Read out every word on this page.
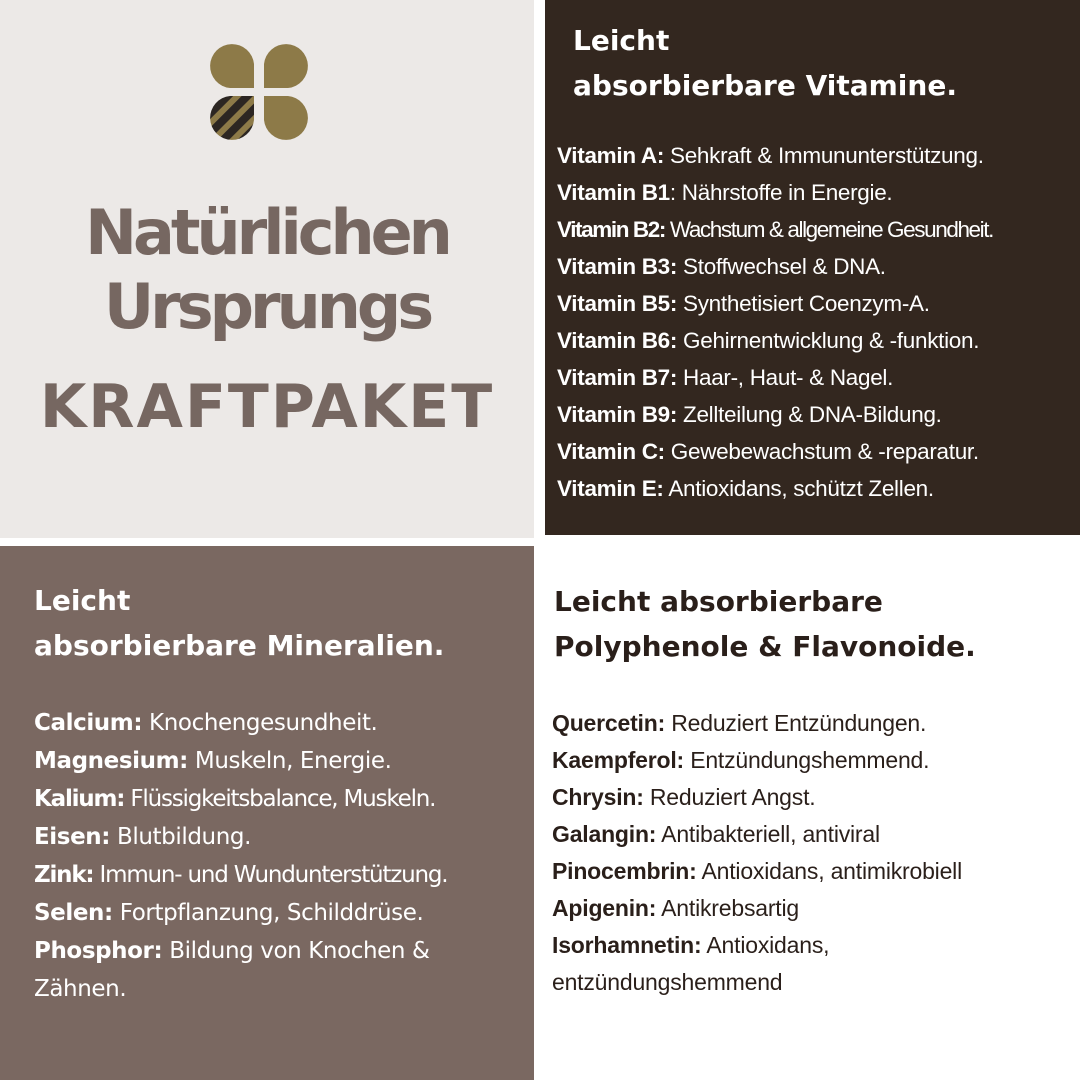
Natürlichen
Ursprungs
KRAFTPAKET
Leicht
absorbierbare Vitamine.
Vitamin A: Sehkraft & Immununterstützung.
Vitamin B1: Nährstoffe in Energie.
Vitamin B2: Wachstum & allgemeine Gesundheit.
Vitamin B3: Stoffwechsel & DNA.
Vitamin B5: Synthetisiert Coenzym-A.
Vitamin B6: Gehirnentwicklung & -funktion.
Vitamin B7: Haar-, Haut- & Nagel.
Vitamin B9: Zellteilung & DNA-Bildung.
Vitamin C: Gewebewachstum & -reparatur.
Vitamin E: Antioxidans, schützt Zellen.
Leicht
absorbierbare Mineralien.
Calcium: Knochengesundheit.
Magnesium: Muskeln, Energie.
Kalium: Flüssigkeitsbalance, Muskeln.
Eisen: Blutbildung.
Zink: Immun- und Wundunterstützung.
Selen: Fortpflanzung, Schilddrüse.
Phosphor: Bildung von Knochen &
Zähnen.
Leicht absorbierbare
Polyphenole & Flavonoide.
Quercetin: Reduziert Entzündungen.
Kaempferol: Entzündungshemmend.
Chrysin: Reduziert Angst.
Galangin: Antibakteriell, antiviral
Pinocembrin: Antioxidans, antimikrobiell
Apigenin: Antikrebsartig
Isorhamnetin: Antioxidans,
entzündungshemmend
